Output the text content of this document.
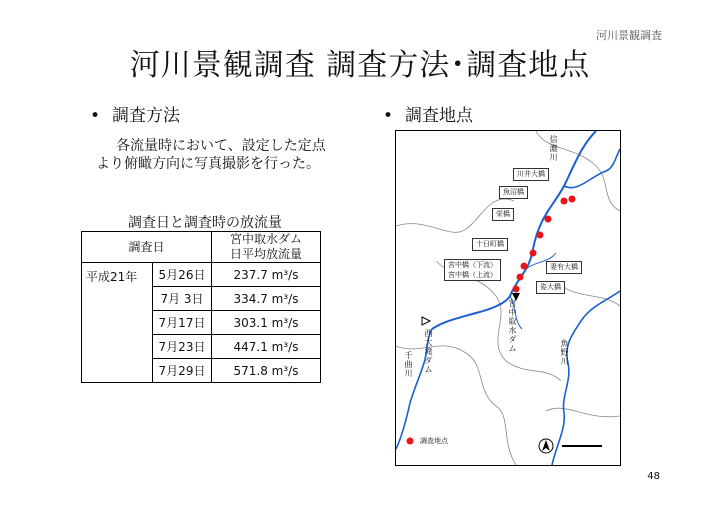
河川景観調査
河川景観調査 調査方法･調査地点
• 調査方法	• 調査地点
各流量時において、設定した定点
より俯瞰方向に写真撮影を行った。
調査日と調査時の放流量
調査日		宮中取水ダム
日平均放流量

平成21年	5月26日	237.7 m³/s
	7月 3日	334.7 m³/s
	7月17日	303.1 m³/s
	7月23日	447.1 m³/s
	7月29日	571.8 m³/s
川井大橋
魚沼橋
栄橋
十日町橋
宮中橋（下流）
宮中橋（上流）
妻有大橋
姿大橋
信濃川
宮中取水ダム
西大滝ダム
千曲川
魚野川
調査地点
48
